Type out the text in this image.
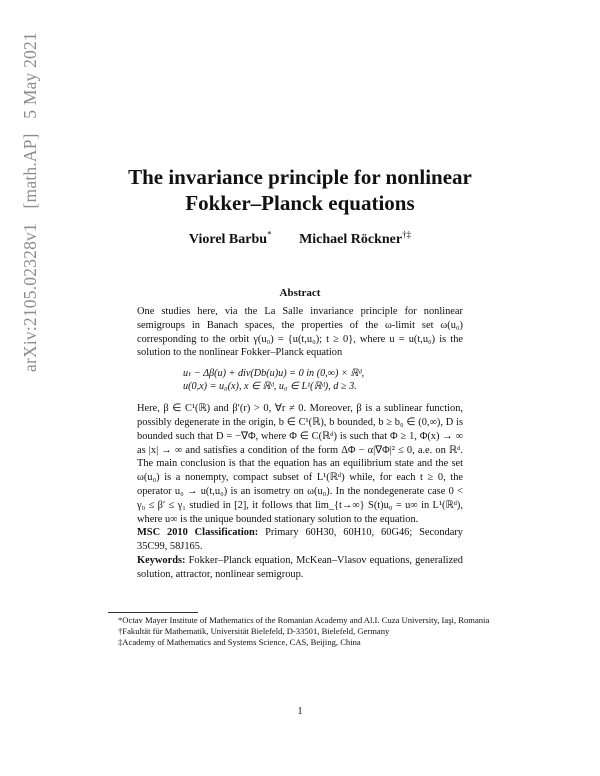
arXiv:2105.02328v1 [math.AP] 5 May 2021
The invariance principle for nonlinear
Fokker–Planck equations
Viorel Barbu* Michael Röckner†‡
Abstract

One studies here, via the La Salle invariance principle for nonlinear semigroups in Banach spaces, the properties of the ω-limit set ω(u₀) corresponding to the orbit γ(u₀) = {u(t,u₀); t ≥ 0}, where u = u(t,u₀) is the solution to the nonlinear Fokker–Planck equation

uₜ − Δβ(u) + div(Db(u)u) = 0 in (0,∞) × ℝᵈ,
u(0,x) = u₀(x), x ∈ ℝᵈ, u₀ ∈ L¹(ℝᵈ), d ≥ 3.

Here, β ∈ C¹(ℝ) and β′(r) > 0, ∀r ≠ 0. Moreover, β is a sublinear function, possibly degenerate in the origin, b ∈ C¹(ℝ), b bounded, b ≥ b₀ ∈ (0,∞), D is bounded such that D = −∇Φ, where Φ ∈ C(ℝᵈ) is such that Φ ≥ 1, Φ(x) → ∞ as |x| → ∞ and satisfies a condition of the form ΔΦ − α|∇Φ|² ≤ 0, a.e. on ℝᵈ. The main conclusion is that the equation has an equilibrium state and the set ω(u₀) is a nonempty, compact subset of L¹(ℝᵈ) while, for each t ≥ 0, the operator u₀ → u(t,u₀) is an isometry on ω(u₀). In the nondegenerate case 0 < γ₀ ≤ β′ ≤ γ₁ studied in [2], it follows that lim_{t→∞} S(t)u₀ = u∞ in L¹(ℝᵈ), where u∞ is the unique bounded stationary solution to the equation.

MSC 2010 Classification: Primary 60H30, 60H10, 60G46; Secondary 35C99, 58J165.

Keywords: Fokker–Planck equation, McKean–Vlasov equations, generalized solution, attractor, nonlinear semigroup.

*Octav Mayer Institute of Mathematics of the Romanian Academy and Al.I. Cuza University, Iaşi, Romania

†Fakultät für Mathematik, Universität Bielefeld, D-33501, Bielefeld, Germany

‡Academy of Mathematics and Systems Science, CAS, Beijing, China

1
